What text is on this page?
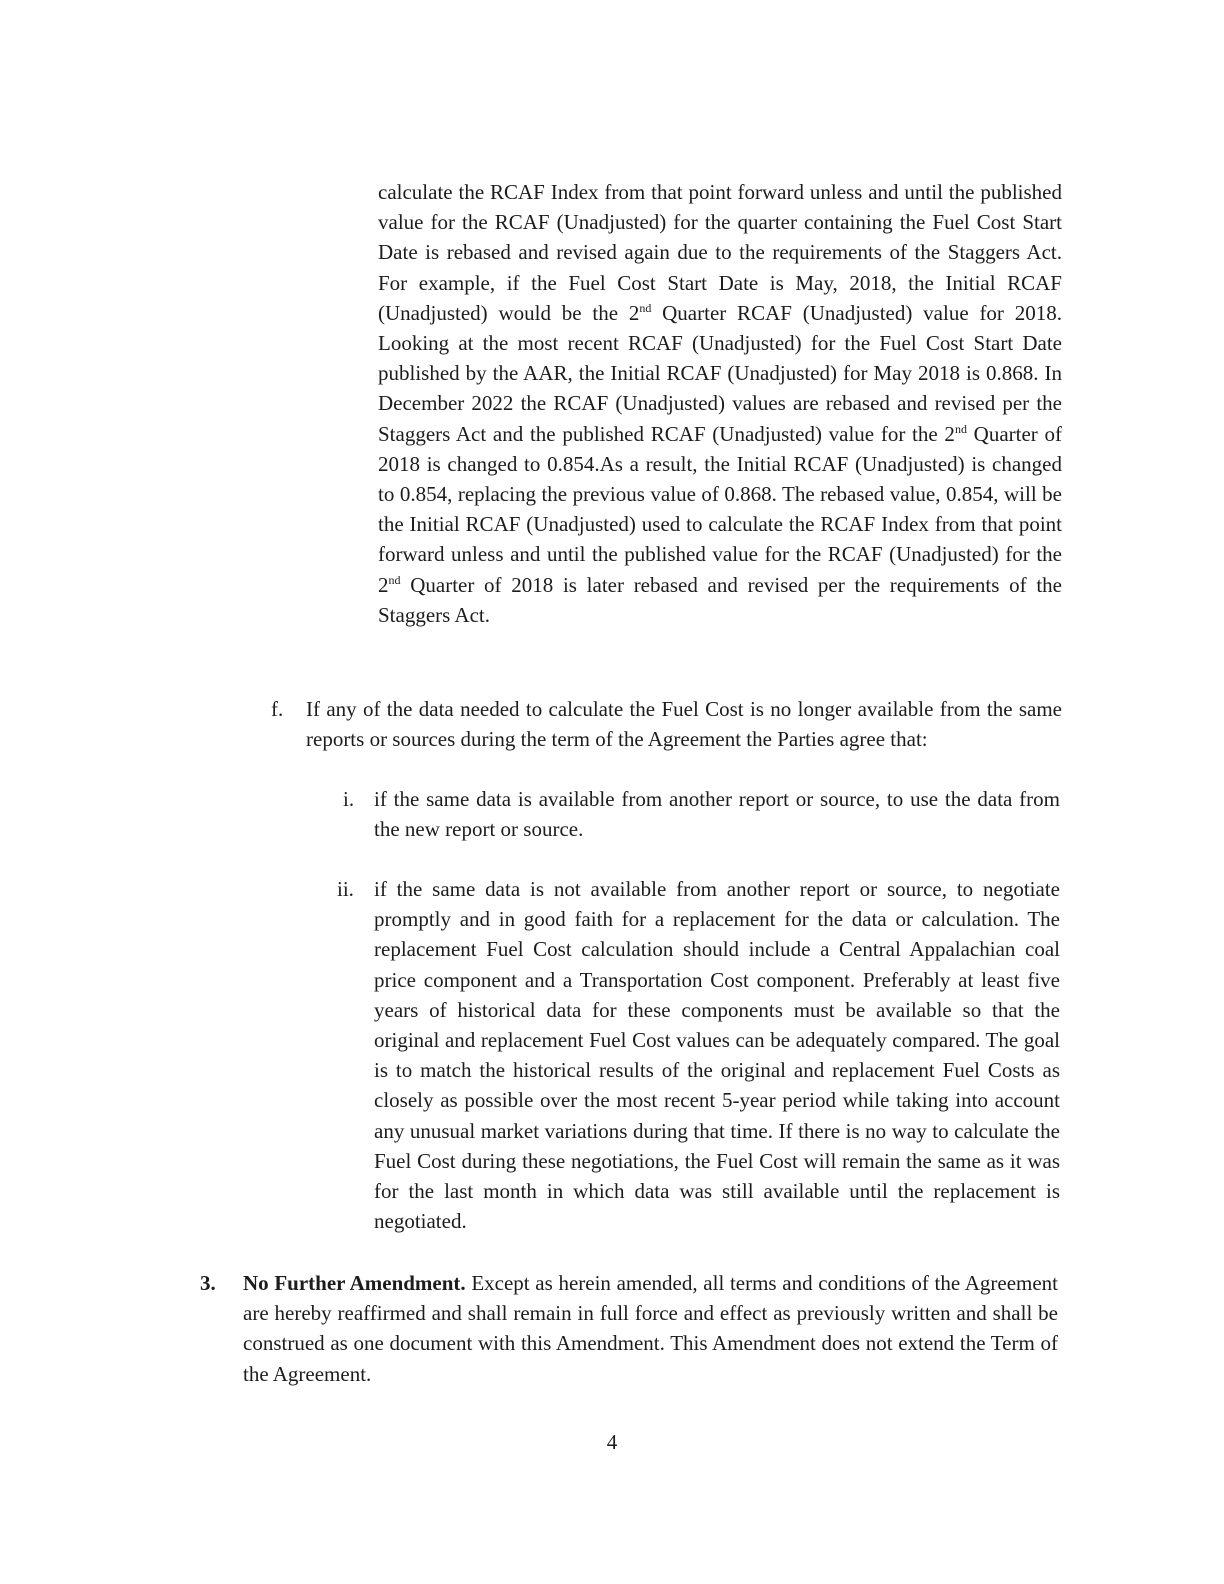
calculate the RCAF Index from that point forward unless and until the published value for the RCAF (Unadjusted) for the quarter containing the Fuel Cost Start Date is rebased and revised again due to the requirements of the Staggers Act. For example, if the Fuel Cost Start Date is May, 2018, the Initial RCAF (Unadjusted) would be the 2nd Quarter RCAF (Unadjusted) value for 2018. Looking at the most recent RCAF (Unadjusted) for the Fuel Cost Start Date published by the AAR, the Initial RCAF (Unadjusted) for May 2018 is 0.868. In December 2022 the RCAF (Unadjusted) values are rebased and revised per the Staggers Act and the published RCAF (Unadjusted) value for the 2nd Quarter of 2018 is changed to 0.854.As a result, the Initial RCAF (Unadjusted) is changed to 0.854, replacing the previous value of 0.868. The rebased value, 0.854, will be the Initial RCAF (Unadjusted) used to calculate the RCAF Index from that point forward unless and until the published value for the RCAF (Unadjusted) for the 2nd Quarter of 2018 is later rebased and revised per the requirements of the Staggers Act.
f. If any of the data needed to calculate the Fuel Cost is no longer available from the same reports or sources during the term of the Agreement the Parties agree that:
i. if the same data is available from another report or source, to use the data from the new report or source.
ii. if the same data is not available from another report or source, to negotiate promptly and in good faith for a replacement for the data or calculation. The replacement Fuel Cost calculation should include a Central Appalachian coal price component and a Transportation Cost component. Preferably at least five years of historical data for these components must be available so that the original and replacement Fuel Cost values can be adequately compared. The goal is to match the historical results of the original and replacement Fuel Costs as closely as possible over the most recent 5-year period while taking into account any unusual market variations during that time. If there is no way to calculate the Fuel Cost during these negotiations, the Fuel Cost will remain the same as it was for the last month in which data was still available until the replacement is negotiated.
3. No Further Amendment. Except as herein amended, all terms and conditions of the Agreement are hereby reaffirmed and shall remain in full force and effect as previously written and shall be construed as one document with this Amendment. This Amendment does not extend the Term of the Agreement.
4
